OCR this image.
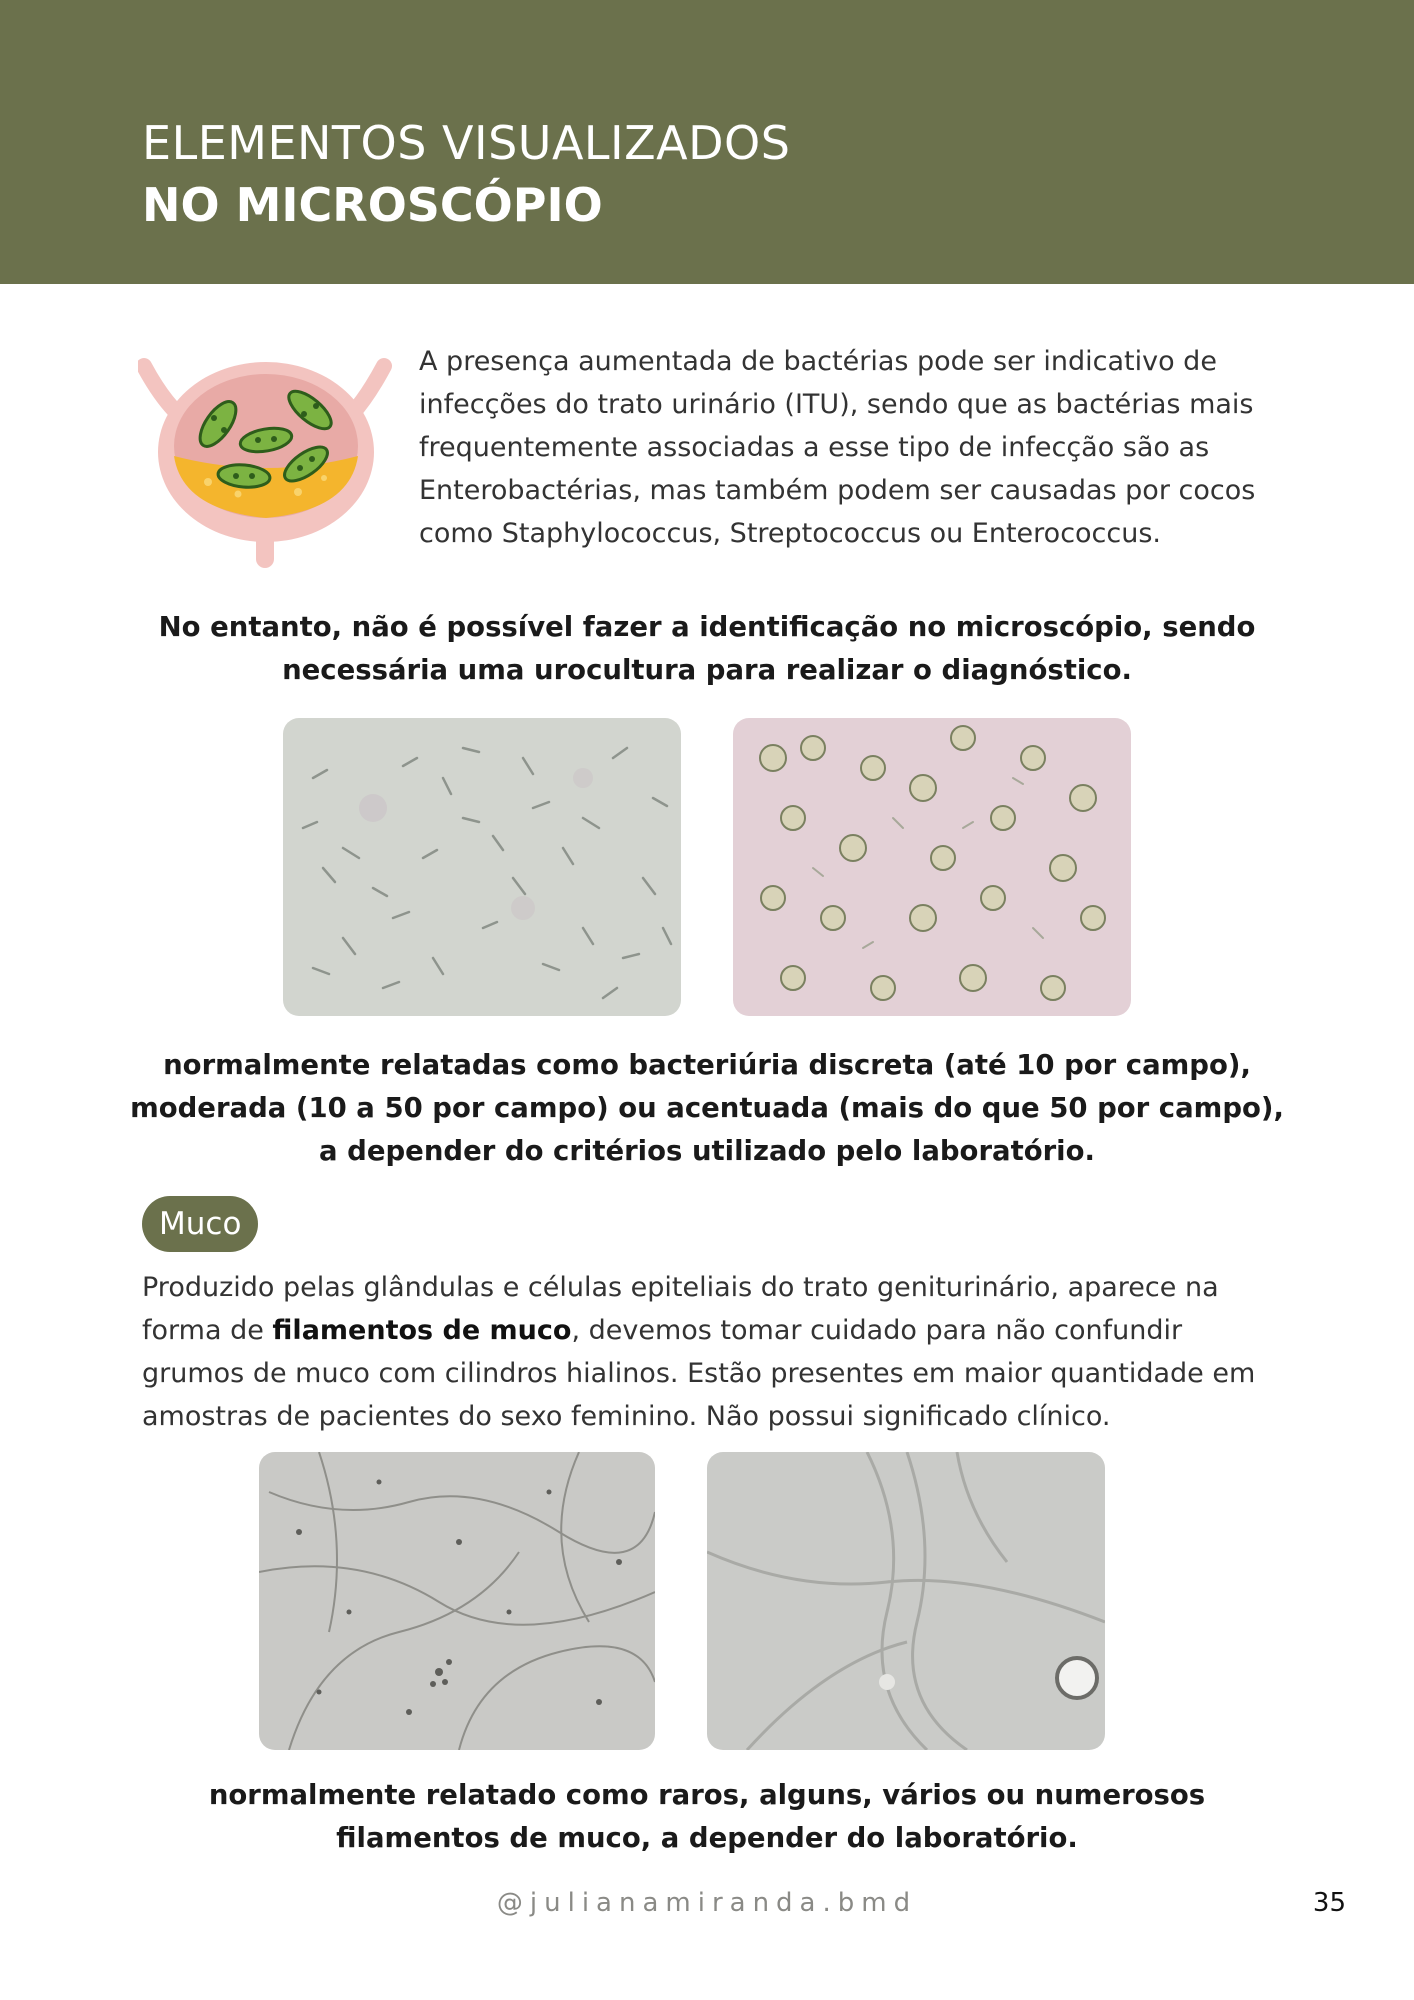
ELEMENTOS VISUALIZADOS
NO MICROSCÓPIO
A presença aumentada de bactérias pode ser indicativo de infecções do trato urinário (ITU), sendo que as bactérias mais frequentemente associadas a esse tipo de infecção são as Enterobactérias, mas também podem ser causadas por cocos como Staphylococcus, Streptococcus ou Enterococcus.
No entanto, não é possível fazer a identificação no microscópio, sendo
necessária uma urocultura para realizar o diagnóstico.
normalmente relatadas como bacteriúria discreta (até 10 por campo),
moderada (10 a 50 por campo) ou acentuada (mais do que 50 por campo),
a depender do critérios utilizado pelo laboratório.
Muco
Produzido pelas glândulas e células epiteliais do trato geniturinário, aparece na forma de filamentos de muco, devemos tomar cuidado para não confundir grumos de muco com cilindros hialinos. Estão presentes em maior quantidade em amostras de pacientes do sexo feminino. Não possui significado clínico.
normalmente relatado como raros, alguns, vários ou numerosos
filamentos de muco, a depender do laboratório.
@julianamiranda.bmd	35
